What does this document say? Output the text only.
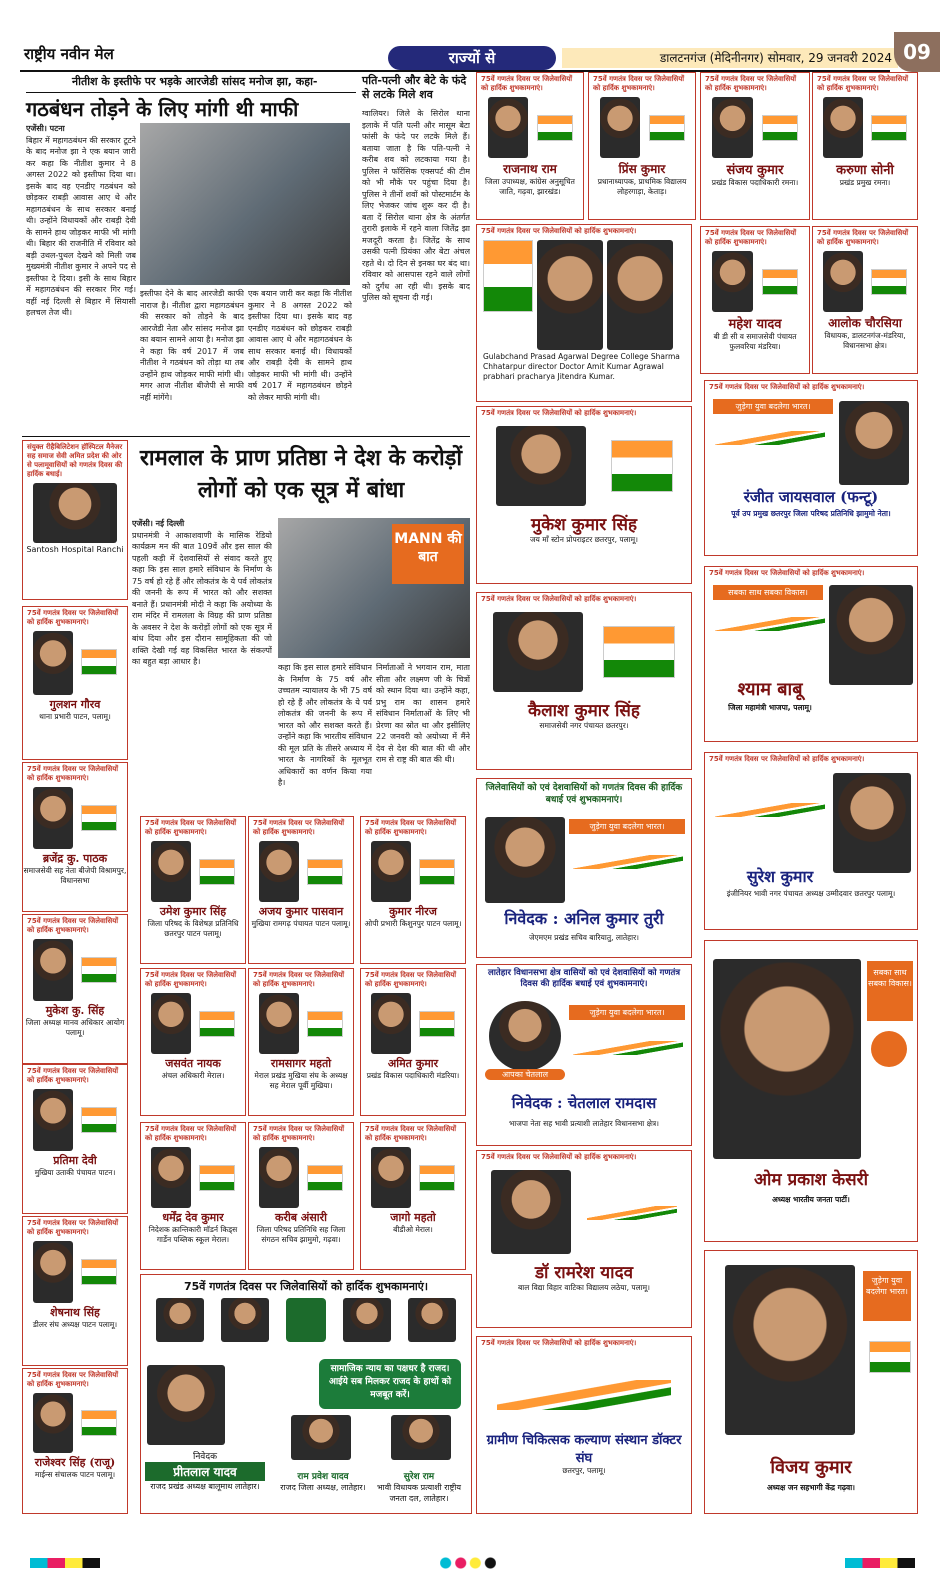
राष्ट्रीय नवीन मेल	राज्यों से	डालटनगंज (मेदिनीनगर) सोमवार, 29 जनवरी 2024 09
नीतीश के इस्तीफे पर भड़के आरजेडी सांसद मनोज झा, कहा-
गठबंधन तोड़ने के लिए मांगी थी माफी
एजेंसी। पटना
बिहार में महागठबंधन की सरकार टूटने के बाद मनोज झा ने एक बयान जारी कर कहा कि नीतीश कुमार ने 8 अगस्त 2022 को इस्तीफा दिया था। इसके बाद वह एनडीए गठबंधन को छोड़कर राबड़ी आवास आए थे और महागठबंधन के साथ सरकार बनाई थी। उन्होंने विधायकों और राबड़ी देवी के सामने हाथ जोड़कर माफी भी मांगी थी। बिहार की राजनीति में रविवार को बड़ी उथल-पुथल देखने को मिली जब मुख्यमंत्री नीतीश कुमार ने अपने पद से इस्तीफा दे दिया। इसी के साथ बिहार में महागठबंधन की सरकार गिर गई। वहीं नई दिल्ली से बिहार में सियासी हलचल तेज थी।
इस्तीफा देने के बाद आरजेडी काफी नाराज है। नीतीश द्वारा महागठबंधन की सरकार को तोड़ने के बाद आरजेडी नेता और सांसद मनोज झा का बयान सामने आया है। मनोज झा ने कहा कि वर्ष 2017 में जब नीतीश ने गठबंधन को तोड़ा था तब उन्होंने हाथ जोड़कर माफी मांगी थी। मगर आज नीतीश बीजेपी से माफी नहीं मांगेंगे।
एक बयान जारी कर कहा कि नीतीश कुमार ने 8 अगस्त 2022 को इस्तीफा दिया था। इसके बाद वह एनडीए गठबंधन को छोड़कर राबड़ी आवास आए थे और महागठबंधन के साथ सरकार बनाई थी। विधायकों और राबड़ी देवी के सामने हाथ जोड़कर माफी भी मांगी थी। उन्होंने वर्ष 2017 में महागठबंधन छोड़ने को लेकर माफी मांगी थी।
पति-पत्नी और बेटे के फंदे से लटके मिले शव
ग्वालियर। जिले के सिरोल थाना इलाके में पति पत्नी और मासूम बेटा फांसी के फंदे पर लटके मिले हैं। बताया जाता है कि पति-पत्नी ने करीब शव को लटकाया गया है। पुलिस ने फॉरेंसिक एक्सपर्ट की टीम को भी मौके पर पहुंचा दिया है। पुलिस ने तीनों शवों को पोस्टमार्टम के लिए भेजकर जांच शुरू कर दी है। बता दें सिरोल थाना क्षेत्र के अंतर्गत तुरारी इलाके में रहने वाला जितेंद्र झा मजदूरी करता है। जितेंद्र के साथ उसकी पत्नी प्रियंका और बेटा अंचल रहते थे। दो दिन से इनका घर बंद था। रविवार को आसपास रहने वाले लोगों को दुर्गंध आ रही थी। इसके बाद पुलिस को सूचना दी गई।
संयुक्त रीहैबिलिटेशन हॉस्पिटल मैनेजर सह समाज सेवी अमित प्रदेश की ओर से पलामूवासियों को गणतंत्र दिवस की हार्दिक बधाई।
Santosh Hospital Ranchi
रामलाल के प्राण प्रतिष्ठा ने देश के करोड़ों लोगों को एक सूत्र में बांधा
एजेंसी। नई दिल्ली
प्रधानमंत्री ने आकाशवाणी के मासिक रेडियो कार्यक्रम मन की बात 109वें और इस साल की पहली कड़ी में देशवासियों से संवाद करते हुए कहा कि इस साल हमारे संविधान के निर्माण के 75 वर्ष हो रहे हैं और लोकतंत्र के ये पर्व लोकतंत्र की जननी के रूप में भारत को और सशक्त बनाते हैं। प्रधानमंत्री मोदी ने कहा कि अयोध्या के राम मंदिर में रामलला के विग्रह की प्राण प्रतिष्ठा के अवसर ने देश के करोड़ों लोगों को एक सूत्र में बांध दिया और इस दौरान सामूहिकता की जो शक्ति देखी गई वह विकसित भारत के संकल्पों का बहुत बड़ा आधार है।
MANN की बात
कहा कि इस साल हमारे संविधान के निर्माण के 75 वर्ष और उच्चतम न्यायालय के भी 75 वर्ष हो रहे हैं और लोकतंत्र के ये पर्व लोकतंत्र की जननी के रूप में भारत को और सशक्त करते हैं। उन्होंने कहा कि भारतीय संविधान की मूल प्रति के तीसरे अध्याय में भारत के नागरिकों के मूलभूत अधिकारों का वर्णन किया गया है।
निर्माताओं ने भगवान राम, माता सीता और लक्ष्मण जी के चित्रों को स्थान दिया था। उन्होंने कहा, प्रभु राम का शासन हमारे संविधान निर्माताओं के लिए भी प्रेरणा का स्रोत था और इसीलिए 22 जनवरी को अयोध्या में मैंने देव से देश की बात की थी और राम से राष्ट्र की बात की थी।
75वें गणतंत्र दिवस पर जिलेवासियों को हार्दिक शुभकामनाएं।
गुलशन गौरव
थाना प्रभारी पाटन, पलामू।
75वें गणतंत्र दिवस पर जिलेवासियों को हार्दिक शुभकामनाएं।
ब्रजेंद्र कु. पाठक
समाजसेवी सह नेता बीजेपी विश्रामपुर, विधानसभा
75वें गणतंत्र दिवस पर जिलेवासियों को हार्दिक शुभकामनाएं।
मुकेश कु. सिंह
जिला अध्यक्ष मानव अधिकार आयोग पलामू।
75वें गणतंत्र दिवस पर जिलेवासियों को हार्दिक शुभकामनाएं।
प्रतिमा देवी
मुखिया उताकी पंचायत पाटन।
75वें गणतंत्र दिवस पर जिलेवासियों को हार्दिक शुभकामनाएं।
शेषनाथ सिंह
डीलर संघ अध्यक्ष पाटन पलामू।
75वें गणतंत्र दिवस पर जिलेवासियों को हार्दिक शुभकामनाएं।
राजेश्वर सिंह (राजू)
माईन्स संचालक पाटन पलामू।
75वें गणतंत्र दिवस पर जिलेवासियों को हार्दिक शुभकामनाएं।
उमेश कुमार सिंह
जिला परिषद के विशेषज्ञ प्रतिनिधि छतरपुर पाटन पलामू।
75वें गणतंत्र दिवस पर जिलेवासियों को हार्दिक शुभकामनाएं।
अजय कुमार पासवान
मुखिया रामगढ़ पंचायत पाटन पलामू।
75वें गणतंत्र दिवस पर जिलेवासियों को हार्दिक शुभकामनाएं।
कुमार नीरज
ओपी प्रभारी किशुनपुर पाटन पलामू।
75वें गणतंत्र दिवस पर जिलेवासियों को हार्दिक शुभकामनाएं।
जसवंत नायक
अंचल अधिकारी मेराल।
75वें गणतंत्र दिवस पर जिलेवासियों को हार्दिक शुभकामनाएं।
रामसागर महतो
मेराल प्रखंड मुखिया संघ के अध्यक्ष सह मेराल पूर्वी मुखिया।
75वें गणतंत्र दिवस पर जिलेवासियों को हार्दिक शुभकामनाएं।
अमित कुमार
प्रखंड विकास पदाधिकारी मंडरिया।
75वें गणतंत्र दिवस पर जिलेवासियों को हार्दिक शुभकामनाएं।
धर्मेंद्र देव कुमार
निदेशक क्रान्तिकारी मॉडर्न किड्स गार्डेन पब्लिक स्कूल मेराल।
75वें गणतंत्र दिवस पर जिलेवासियों को हार्दिक शुभकामनाएं।
करीब अंसारी
जिला परिषद प्रतिनिधि सह जिला संगठन सचिव झामुमो, गढ़वा।
75वें गणतंत्र दिवस पर जिलेवासियों को हार्दिक शुभकामनाएं।
जागो महतो
बीडीओ मेराल।
75वें गणतंत्र दिवस पर जिलेवासियों को हार्दिक शुभकामनाएं।
सामाजिक न्याय का पक्षधर है राजद। आईये सब मिलकर राजद के हाथों को मजबूत करें।
निवेदक
प्रीतलाल यादव
राजद प्रखंड अध्यक्ष बालूमाथ लातेहार।
राम प्रवेश यादव
राजद जिला अध्यक्ष, लातेहार।
सुरेश राम
भावी विधायक प्रत्याशी राष्ट्रीय जनता दल, लातेहार।
75वें गणतंत्र दिवस पर जिलेवासियों को हार्दिक शुभकामनाएं।
राजनाथ राम
जिला उपाध्यक्ष, कांग्रेस अनुसूचित जाति, गढ़वा, झारखंड।
75वें गणतंत्र दिवस पर जिलेवासियों को हार्दिक शुभकामनाएं।
प्रिंस कुमार
प्रधानाध्यापक, प्राथमिक विद्यालय लोहरगाड़ा, केताड़।
75वें गणतंत्र दिवस पर जिलेवासियों को हार्दिक शुभकामनाएं।
Gulabchand Prasad Agarwal Degree College Sharma Chhatarpur director Doctor Amit Kumar Agrawal prabhari pracharya Jitendra Kumar.
75वें गणतंत्र दिवस पर जिलेवासियों को हार्दिक शुभकामनाएं।
मुकेश कुमार सिंह
जय माँ स्टोन प्रोपराइटर छतरपुर, पलामू।
75वें गणतंत्र दिवस पर जिलेवासियों को हार्दिक शुभकामनाएं।
कैलाश कुमार सिंह
समाजसेवी नगर पंचायत छतरपुर।
जिलेवासियों को एवं देशवासियों को गणतंत्र दिवस की हार्दिक बधाई एवं शुभकामनाएं।
जुड़ेगा युवा बदलेगा भारत।
निवेदक : अनिल कुमार तुरी
जेएमएम प्रखंड सचिव बारियातु, लातेहार।
लातेहार विधानसभा क्षेत्र वासियों को एवं देशवासियों को गणतंत्र दिवस की हार्दिक बधाई एवं शुभकामनाएं।
जुड़ेगा युवा बदलेगा भारत।
आपका चेतलाल
निवेदक : चेतलाल रामदास
भाजपा नेता सह भावी प्रत्याशी लातेहार विधानसभा क्षेत्र।
75वें गणतंत्र दिवस पर जिलेवासियों को हार्दिक शुभकामनाएं।
डॉ रामरेश यादव
बाल विद्या विहार वाटिका विद्यालय लठेया, पलामू।
75वें गणतंत्र दिवस पर जिलेवासियों को हार्दिक शुभकामनाएं।
ग्रामीण चिकित्सक कल्याण संस्थान डॉक्टर संघ
छतरपुर, पलामू।
75वें गणतंत्र दिवस पर जिलेवासियों को हार्दिक शुभकामनाएं।
संजय कुमार
प्रखंड विकास पदाधिकारी रमना।
75वें गणतंत्र दिवस पर जिलेवासियों को हार्दिक शुभकामनाएं।
करुणा सोनी
प्रखंड प्रमुख रमना।
75वें गणतंत्र दिवस पर जिलेवासियों को हार्दिक शुभकामनाएं।
महेश यादव
बी डी सी व समाजसेवी पंचायत फुलवरिया मंडरिया।
75वें गणतंत्र दिवस पर जिलेवासियों को हार्दिक शुभकामनाएं।
आलोक चौरसिया
विधायक, डालटनगंज-मंडरिया, विधानसभा क्षेत्र।
75वें गणतंत्र दिवस पर जिलेवासियों को हार्दिक शुभकामनाएं।
जुड़ेगा युवा बदलेगा भारत।
रंजीत जायसवाल (फन्टू)
पूर्व उप प्रमुख छतरपुर जिला परिषद प्रतिनिधि झामुमो नेता।
75वें गणतंत्र दिवस पर जिलेवासियों को हार्दिक शुभकामनाएं।
सबका साथ सबका विकास।
श्याम बाबू
जिला महामंत्री भाजपा, पलामू।
75वें गणतंत्र दिवस पर जिलेवासियों को हार्दिक शुभकामनाएं।
सुरेश कुमार
इंजीनियर भावी नगर पंचायत अध्यक्ष उम्मीदवार छतरपुर पलामू।
सबका साथ सबका विकास।
ओम प्रकाश केसरी
अध्यक्ष भारतीय जनता पार्टी।
जुड़ेगा युवा बदलेगा भारत।
विजय कुमार
अध्यक्ष जन सहभागी केंद्र गढ़वा।
